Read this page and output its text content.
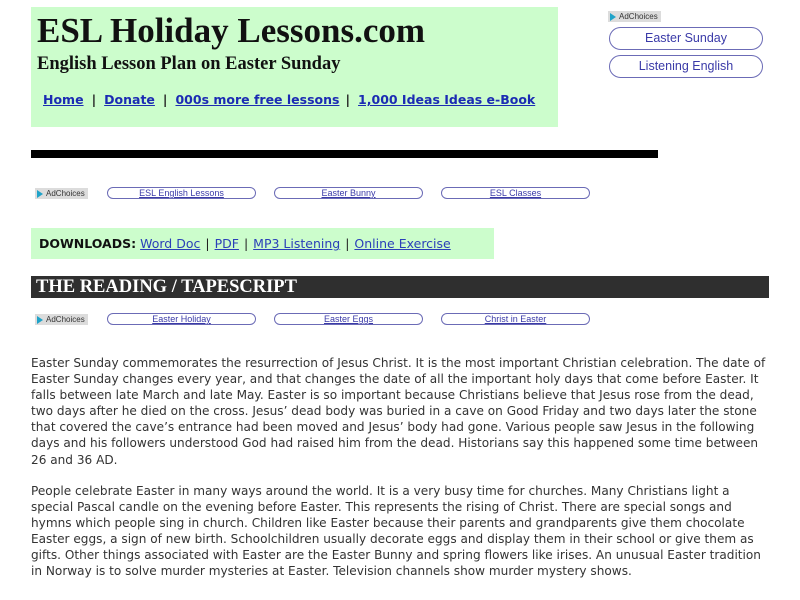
ESL Holiday Lessons.com
English Lesson Plan on Easter Sunday
Home | Donate | 000s more free lessons | 1,000 Ideas Ideas e-Book
AdChoices
Easter Sunday
Listening English
AdChoices	ESL English Lessons	Easter Bunny	ESL Classes
DOWNLOADS: Word Doc | PDF | MP3 Listening | Online Exercise
THE READING / TAPESCRIPT
AdChoices	Easter Holiday	Easter Eggs	Christ in Easter

Easter Sunday commemorates the resurrection of Jesus Christ. It is the most important Christian celebration. The date of Easter Sunday changes every year, and that changes the date of all the important holy days that come before Easter. It falls between late March and late May. Easter is so important because Christians believe that Jesus rose from the dead, two days after he died on the cross. Jesus’ dead body was buried in a cave on Good Friday and two days later the stone that covered the cave’s entrance had been moved and Jesus’ body had gone. Various people saw Jesus in the following days and his followers understood God had raised him from the dead. Historians say this happened some time between 26 and 36 AD.

People celebrate Easter in many ways around the world. It is a very busy time for churches. Many Christians light a special Pascal candle on the evening before Easter. This represents the rising of Christ. There are special songs and hymns which people sing in church. Children like Easter because their parents and grandparents give them chocolate Easter eggs, a sign of new birth. Schoolchildren usually decorate eggs and display them in their school or give them as gifts. Other things associated with Easter are the Easter Bunny and spring flowers like irises. An unusual Easter tradition in Norway is to solve murder mysteries at Easter. Television channels show murder mystery shows.
